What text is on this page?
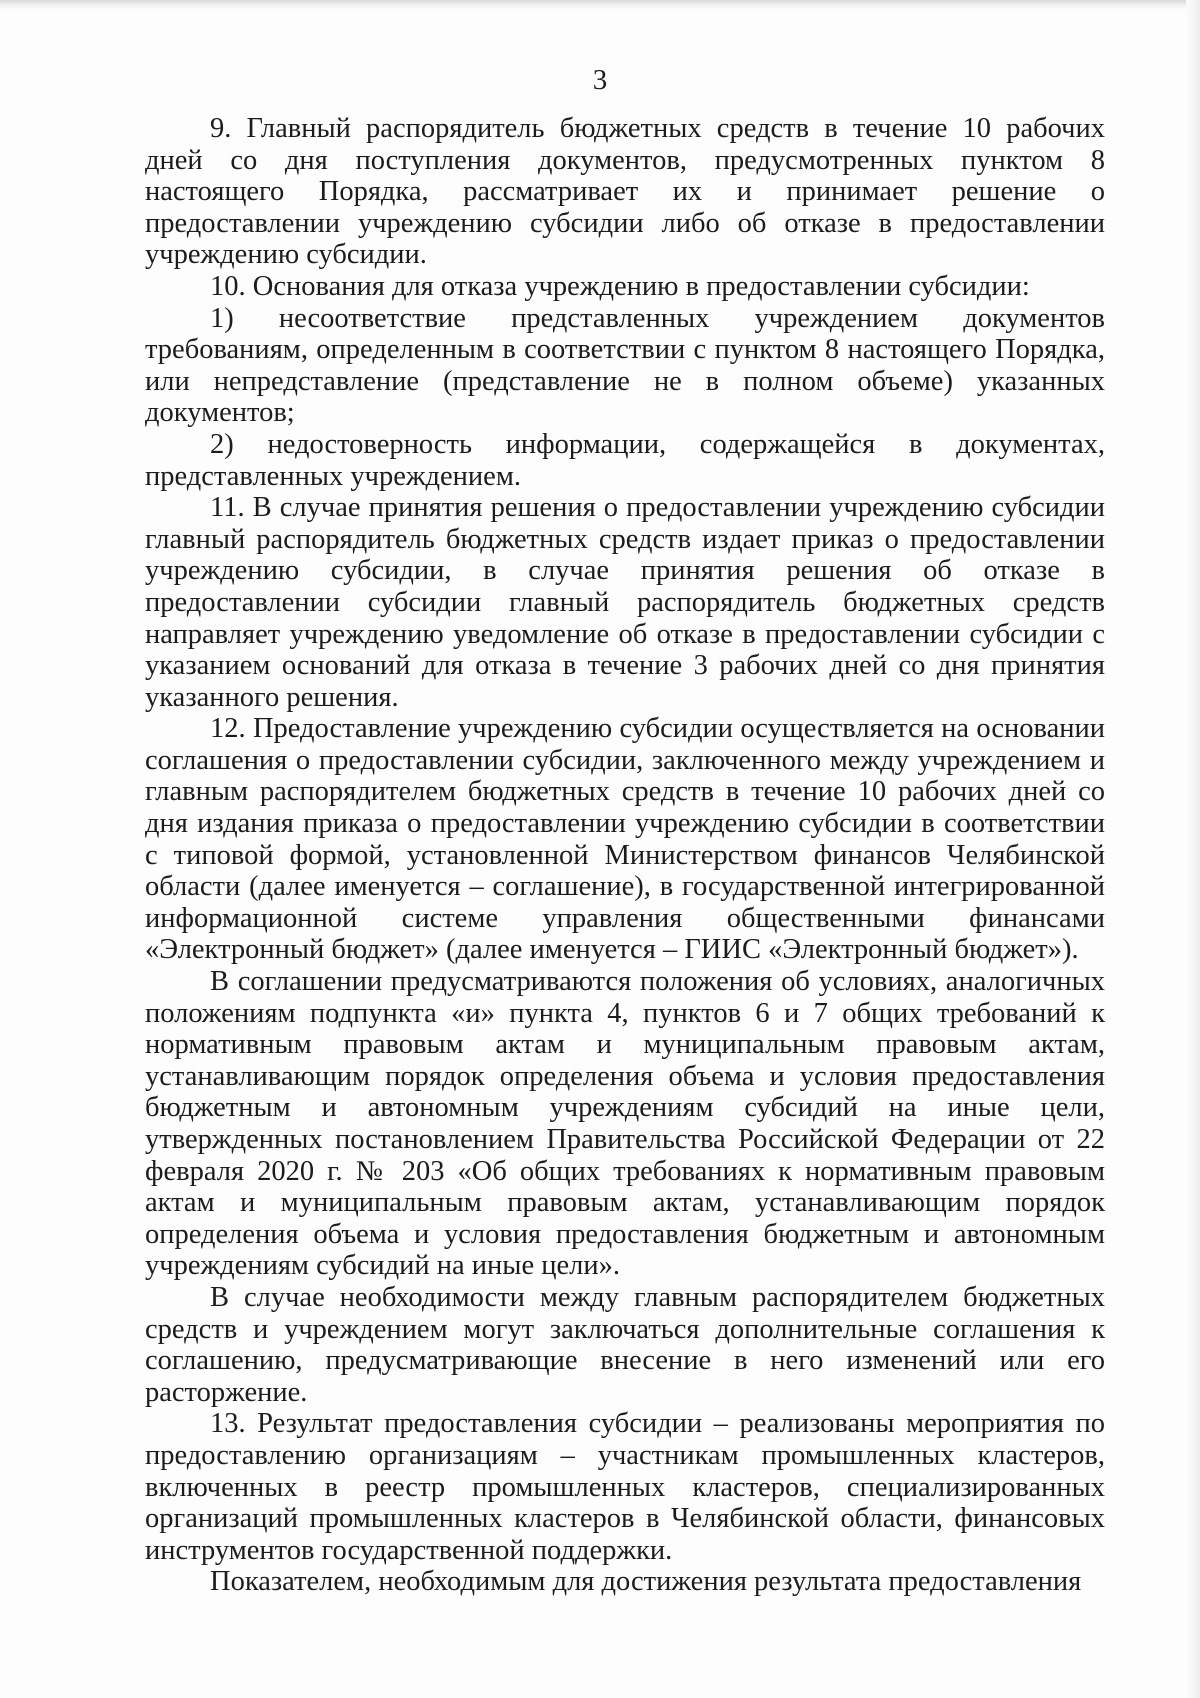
3

9. Главный распорядитель бюджетных средств в течение 10 рабочих дней со дня поступления документов, предусмотренных пунктом 8 настоящего Порядка, рассматривает их и принимает решение о предоставлении учреждению субсидии либо об отказе в предоставлении учреждению субсидии.

10. Основания для отказа учреждению в предоставлении субсидии:

1) несоответствие представленных учреждением документов требованиям, определенным в соответствии с пунктом 8 настоящего Порядка, или непредставление (представление не в полном объеме) указанных документов;

2) недостоверность информации, содержащейся в документах, представленных учреждением.

11. В случае принятия решения о предоставлении учреждению субсидии главный распорядитель бюджетных средств издает приказ о предоставлении учреждению субсидии, в случае принятия решения об отказе в предоставлении субсидии главный распорядитель бюджетных средств направляет учреждению уведомление об отказе в предоставлении субсидии с указанием оснований для отказа в течение 3 рабочих дней со дня принятия указанного решения.

12. Предоставление учреждению субсидии осуществляется на основании соглашения о предоставлении субсидии, заключенного между учреждением и главным распорядителем бюджетных средств в течение 10 рабочих дней со дня издания приказа о предоставлении учреждению субсидии в соответствии с типовой формой, установленной Министерством финансов Челябинской области (далее именуется – соглашение), в государственной интегрированной информационной системе управления общественными финансами «Электронный бюджет» (далее именуется – ГИИС «Электронный бюджет»).

В соглашении предусматриваются положения об условиях, аналогичных положениям подпункта «и» пункта 4, пунктов 6 и 7 общих требований к нормативным правовым актам и муниципальным правовым актам, устанавливающим порядок определения объема и условия предоставления бюджетным и автономным учреждениям субсидий на иные цели, утвержденных постановлением Правительства Российской Федерации от 22 февраля 2020 г. № 203 «Об общих требованиях к нормативным правовым актам и муниципальным правовым актам, устанавливающим порядок определения объема и условия предоставления бюджетным и автономным учреждениям субсидий на иные цели».

В случае необходимости между главным распорядителем бюджетных средств и учреждением могут заключаться дополнительные соглашения к соглашению, предусматривающие внесение в него изменений или его расторжение.

13. Результат предоставления субсидии – реализованы мероприятия по предоставлению организациям – участникам промышленных кластеров, включенных в реестр промышленных кластеров, специализированных организаций промышленных кластеров в Челябинской области, финансовых инструментов государственной поддержки.

Показателем, необходимым для достижения результата предоставления
